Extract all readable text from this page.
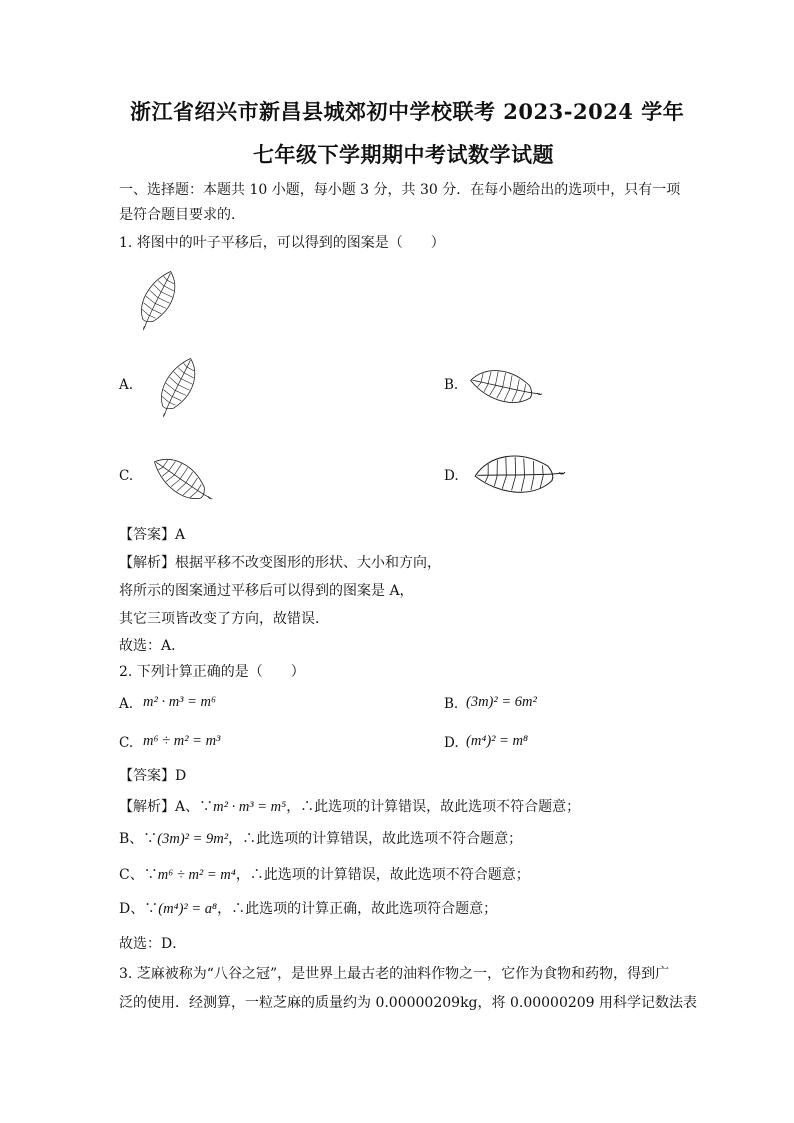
浙江省绍兴市新昌县城郊初中学校联考 2023-2024 学年
七年级下学期期中考试数学试题
一、选择题：本题共 10 小题，每小题 3 分，共 30 分．在每小题给出的选项中，只有一项
是符合题目要求的．
1. 将图中的叶子平移后，可以得到的图案是（　　）
A.	B.
C.	D.
【答案】A
【解析】根据平移不改变图形的形状、大小和方向，
将所示的图案通过平移后可以得到的图案是 A，
其它三项皆改变了方向，故错误．
故选：A．
2. 下列计算正确的是（　　）
A. m² · m³ = m⁶	B. (3m)² = 6m²
C. m⁶ ÷ m² = m³	D. (m⁴)² = m⁸
【答案】D
【解析】A、∵m² · m³ = m⁵，∴此选项的计算错误，故此选项不符合题意；
B、∵(3m)² = 9m²，∴此选项的计算错误，故此选项不符合题意；
C、∵m⁶ ÷ m² = m⁴，∴此选项的计算错误，故此选项不符合题意；
D、∵(m⁴)² = a⁸，∴此选项的计算正确，故此选项符合题意；
故选：D．
3. 芝麻被称为“八谷之冠”，是世界上最古老的油料作物之一，它作为食物和药物，得到广
泛的使用．经测算，一粒芝麻的质量约为 0.00000209kg，将 0.00000209 用科学记数法表
